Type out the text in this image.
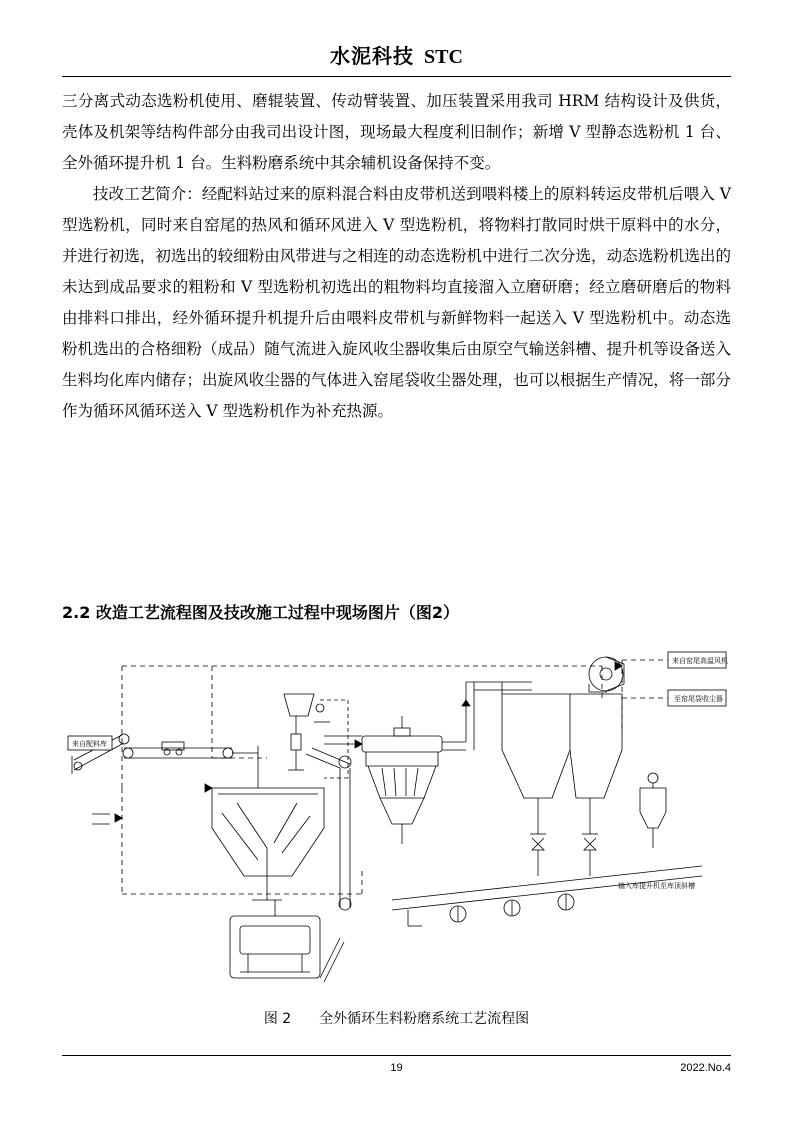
水泥科技 STC

三分离式动态选粉机使用、磨辊装置、传动臂装置、加压装置采用我司 HRM 结构设计及供货，壳体及机架等结构件部分由我司出设计图，现场最大程度利旧制作；新增 V 型静态选粉机 1 台、全外循环提升机 1 台。生料粉磨系统中其余辅机设备保持不变。

技改工艺简介：经配料站过来的原料混合料由皮带机送到喂料楼上的原料转运皮带机后喂入 V 型选粉机，同时来自窑尾的热风和循环风进入 V 型选粉机，将物料打散同时烘干原料中的水分，并进行初选，初选出的较细粉由风带进与之相连的动态选粉机中进行二次分选，动态选粉机选出的未达到成品要求的粗粉和 V 型选粉机初选出的粗物料均直接溜入立磨研磨；经立磨研磨后的物料由排料口排出，经外循环提升机提升后由喂料皮带机与新鲜物料一起送入 V 型选粉机中。动态选粉机选出的合格细粉（成品）随气流进入旋风收尘器收集后由原空气输送斜槽、提升机等设备送入生料均化库内储存；出旋风收尘器的气体进入窑尾袋收尘器处理，也可以根据生产情况，将一部分作为循环风循环送入 V 型选粉机作为补充热源。

2.2 改造工艺流程图及技改施工过程中现场图片（图2）
来自窑尾高温风机
至窑尾袋收尘器
来自配料库
输入库提升机至库顶斜槽
图 2 全外循环生料粉磨系统工艺流程图
19	2022.No.4
